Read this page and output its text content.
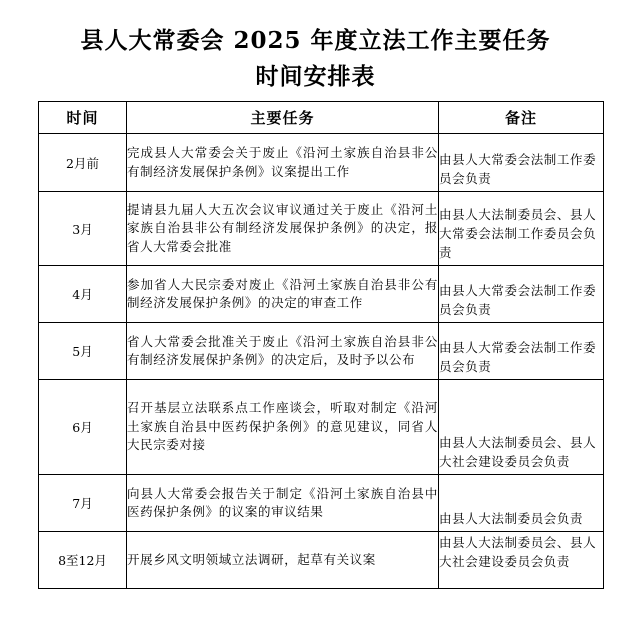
县人大常委会 2025 年度立法工作主要任务
时间安排表
时间	主要任务	备注
2月前	完成县人大常委会关于废止《沿河土家族自治县非公有制经济发展保护条例》议案提出工作	由县人大常委会法制工作委员会负责
3月	提请县九届人大五次会议审议通过关于废止《沿河土家族自治县非公有制经济发展保护条例》的决定，报省人大常委会批准	由县人大法制委员会、县人大常委会法制工作委员会负责
4月	参加省人大民宗委对废止《沿河土家族自治县非公有制经济发展保护条例》的决定的审查工作	由县人大常委会法制工作委员会负责
5月	省人大常委会批准关于废止《沿河土家族自治县非公有制经济发展保护条例》的决定后，及时予以公布	由县人大常委会法制工作委员会负责
6月	召开基层立法联系点工作座谈会，听取对制定《沿河土家族自治县中医药保护条例》的意见建议，同省人大民宗委对接	由县人大法制委员会、县人大社会建设委员会负责
7月	向县人大常委会报告关于制定《沿河土家族自治县中医药保护条例》的议案的审议结果	由县人大法制委员会负责
8至12月	开展乡风文明领域立法调研，起草有关议案	由县人大法制委员会、县人大社会建设委员会负责
